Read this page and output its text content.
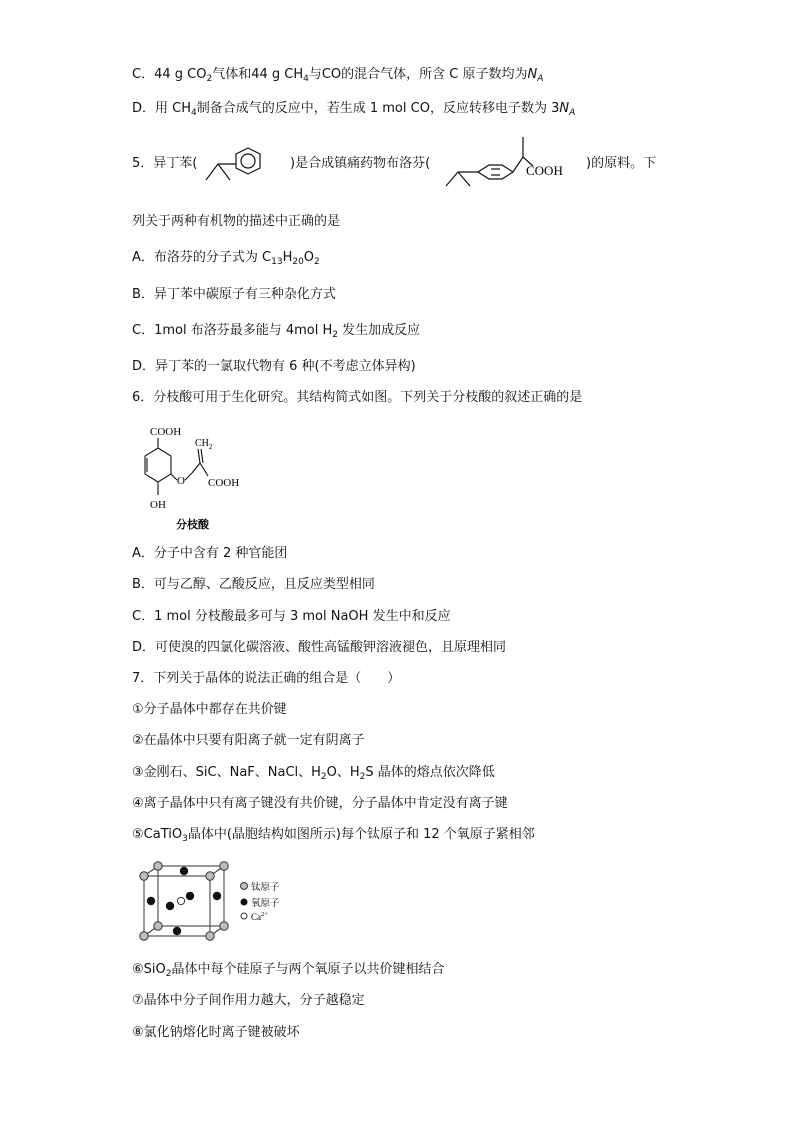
C．44 g $CO_2$气体和44 g $CH_4$与CO的混合气体，所含 C 原子数均为$N_A$
D．用 $CH_4$制备合成气的反应中，若生成 1 mol CO，反应转移电子数为 $3N_A$
5．异丁苯(	)是合成镇痛药物布洛芬(	COOH )的原料。下
列关于两种有机物的描述中正确的是
A．布洛芬的分子式为 $C_{13}H_{20}O_2$
B．异丁苯中碳原子有三种杂化方式
C．1mol 布洛芬最多能与 4mol $H_2$ 发生加成反应
D．异丁苯的一氯取代物有 6 种(不考虑立体异构)
6．分枝酸可用于生化研究。其结构简式如图。下列关于分枝酸的叙述正确的是
COOH
$CH_2$
O COOH
OH
分枝酸
A．分子中含有 2 种官能团
B．可与乙醇、乙酸反应，且反应类型相同
C．1 mol 分枝酸最多可与 3 mol NaOH 发生中和反应
D．可使溴的四氯化碳溶液、酸性高锰酸钾溶液褪色，且原理相同
7．下列关于晶体的说法正确的组合是（　　）
①分子晶体中都存在共价键
②在晶体中只要有阳离子就一定有阴离子
③金刚石、SiC、NaF、NaCl、$H_2O$、$H_2S$ 晶体的熔点依次降低
④离子晶体中只有离子键没有共价键，分子晶体中肯定没有离子键
⑤CaTiO$_3$晶体中(晶胞结构如图所示)每个钛原子和 12 个氧原子紧相邻
钛原子
氧原子
$Ca^{2+}$
⑥SiO$_2$晶体中每个硅原子与两个氧原子以共价键相结合
⑦晶体中分子间作用力越大，分子越稳定
⑧氯化钠熔化时离子键被破坏
